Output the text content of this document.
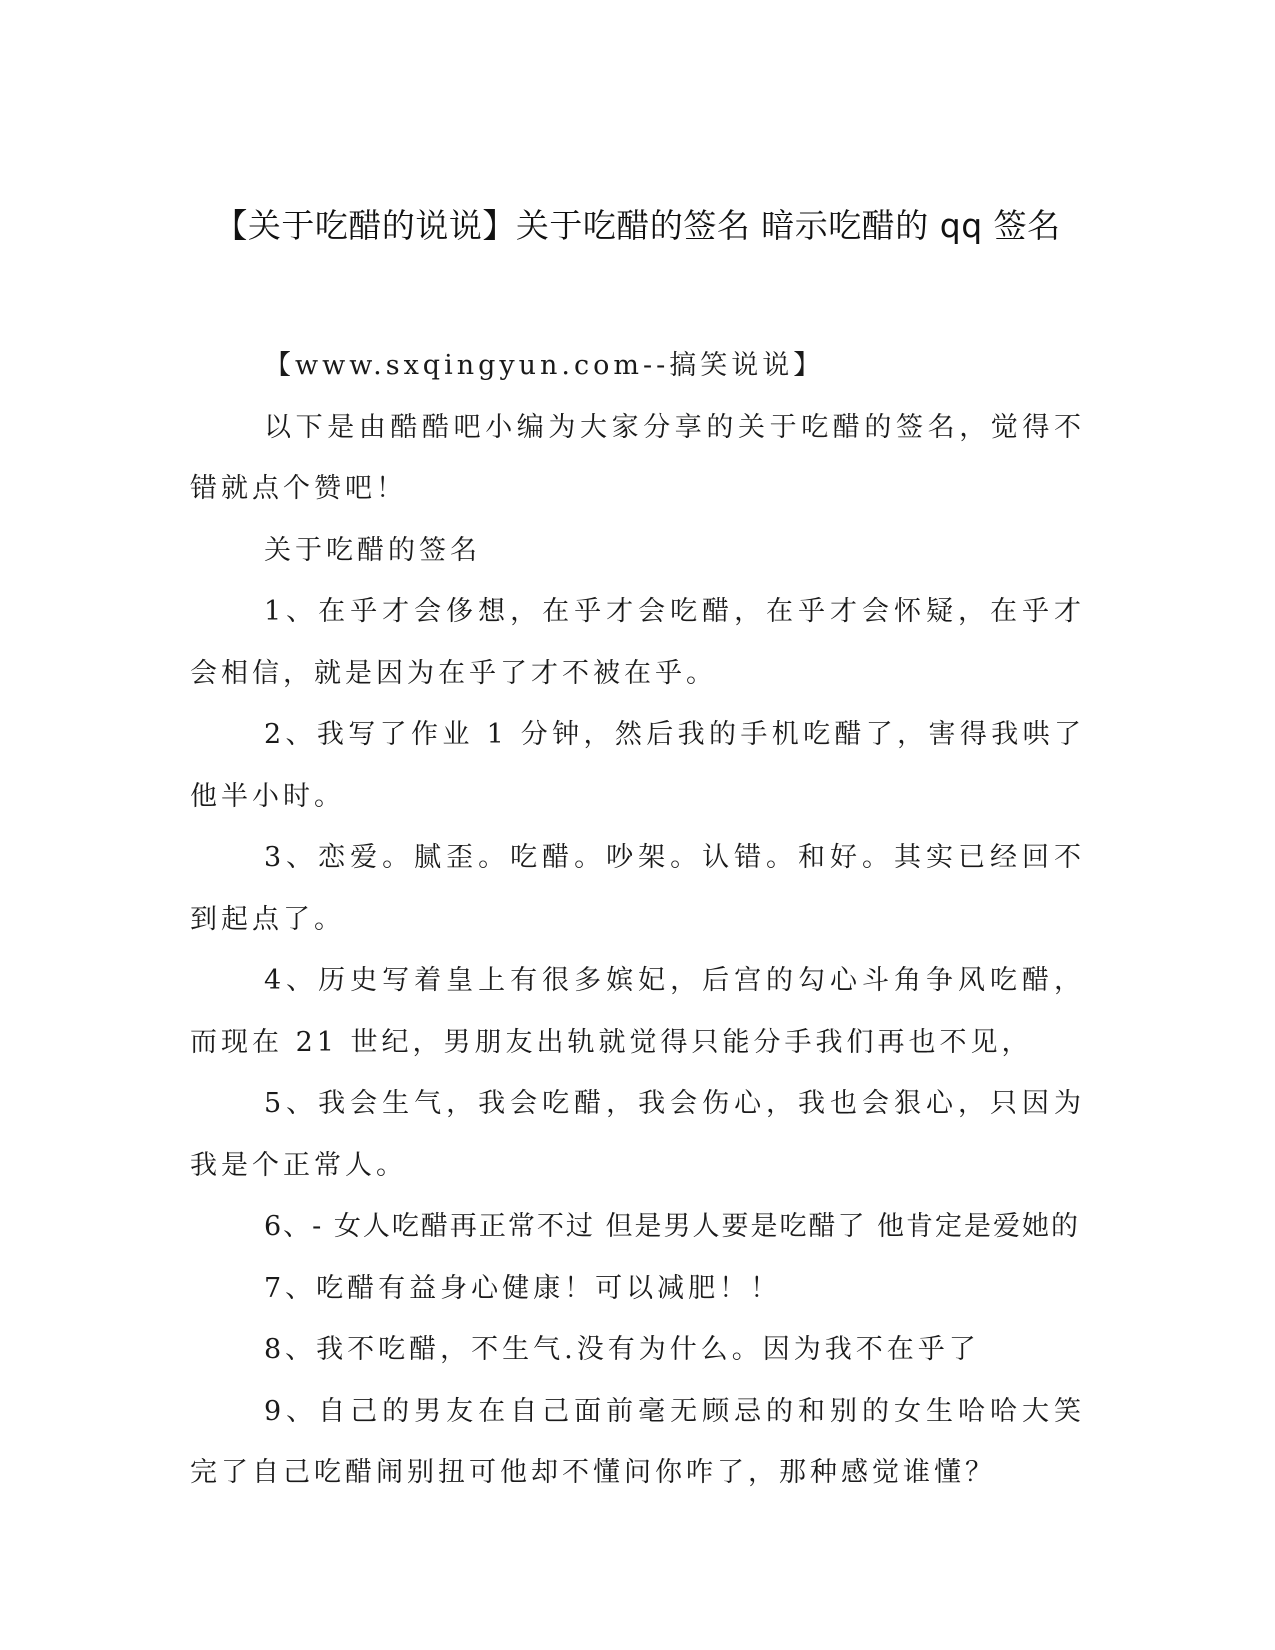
【关于吃醋的说说】关于吃醋的签名 暗示吃醋的 qq 签名

【www.sxqingyun.com--搞笑说说】

以下是由酷酷吧小编为大家分享的关于吃醋的签名，觉得不错就点个赞吧！

关于吃醋的签名

1、在乎才会侈想，在乎才会吃醋，在乎才会怀疑，在乎才会相信，就是因为在乎了才不被在乎。

2、我写了作业 1 分钟，然后我的手机吃醋了，害得我哄了他半小时。

3、恋爱。腻歪。吃醋。吵架。认错。和好。其实已经回不到起点了。

4、历史写着皇上有很多嫔妃，后宫的勾心斗角争风吃醋，而现在 21 世纪，男朋友出轨就觉得只能分手我们再也不见，

5、我会生气，我会吃醋，我会伤心，我也会狠心，只因为我是个正常人。

6、- 女人吃醋再正常不过 但是男人要是吃醋了 他肯定是爱她的

7、吃醋有益身心健康！可以减肥！！

8、我不吃醋，不生气.没有为什么。因为我不在乎了

9、自己的男友在自己面前毫无顾忌的和别的女生哈哈大笑完了自己吃醋闹别扭可他却不懂问你咋了，那种感觉谁懂？
